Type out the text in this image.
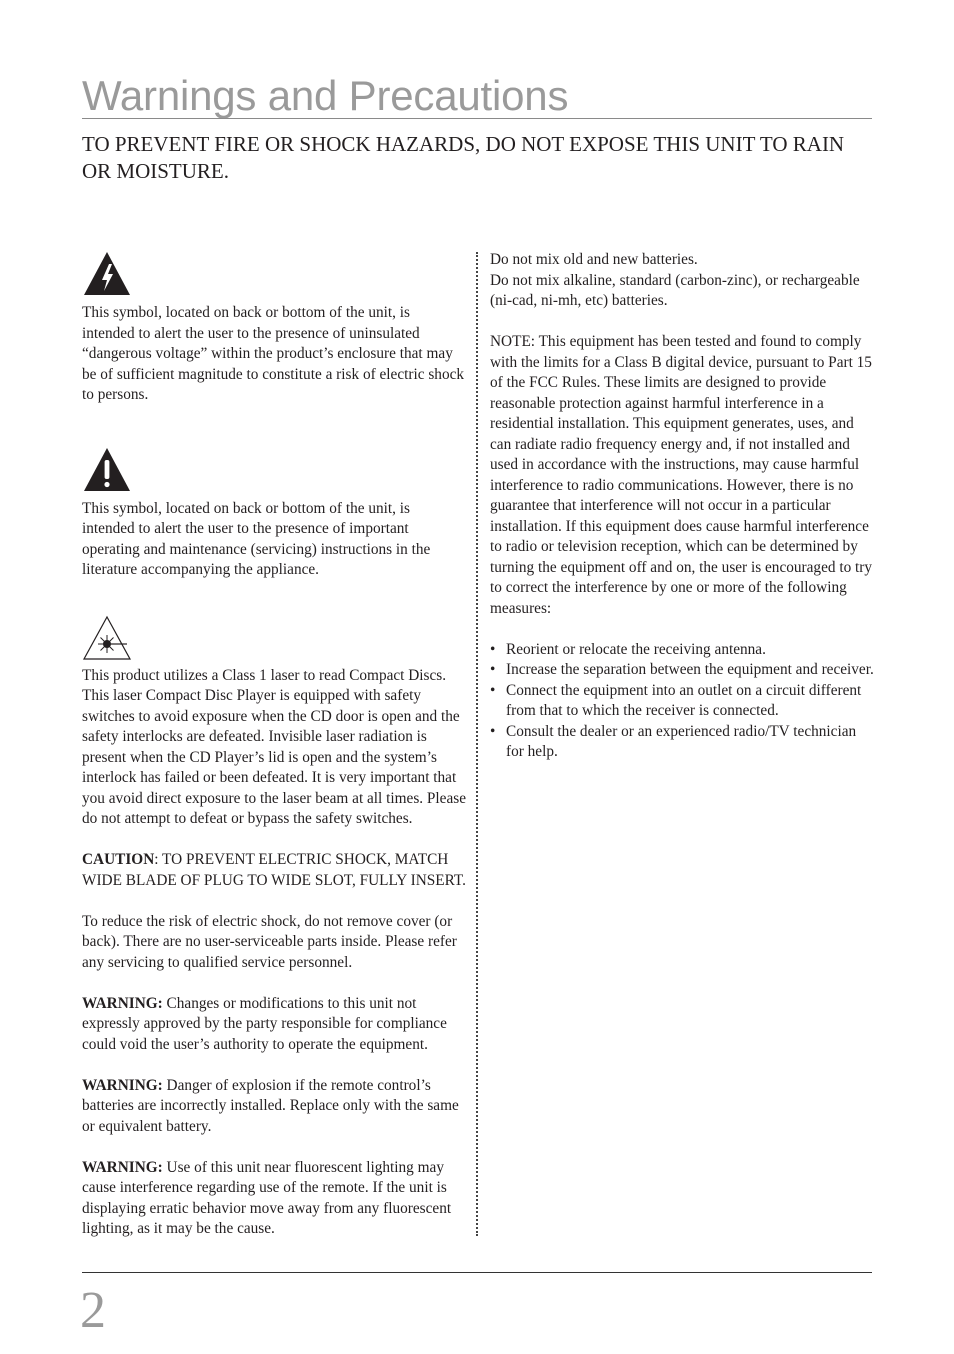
Warnings and Precautions
TO PREVENT FIRE OR SHOCK HAZARDS, DO NOT EXPOSE THIS UNIT TO RAIN OR MOISTURE.

This symbol, located on back or bottom of the unit, is intended to alert the user to the presence of uninsulated “dangerous voltage” within the product’s enclosure that may be of sufficient magnitude to constitute a risk of electric shock to persons.

This symbol, located on back or bottom of the unit, is intended to alert the user to the presence of important operating and maintenance (servicing) instructions in the literature accompanying the appliance.

This product utilizes a Class 1 laser to read Compact Discs. This laser Compact Disc Player is equipped with safety switches to avoid exposure when the CD door is open and the safety interlocks are defeated. Invisible laser radiation is present when the CD Player’s lid is open and the system’s interlock has failed or been defeated. It is very important that you avoid direct exposure to the laser beam at all times. Please do not attempt to defeat or bypass the safety switches.

CAUTION: TO PREVENT ELECTRIC SHOCK, MATCH WIDE BLADE OF PLUG TO WIDE SLOT, FULLY INSERT.

To reduce the risk of electric shock, do not remove cover (or back). There are no user-serviceable parts inside. Please refer any servicing to qualified service personnel.

WARNING: Changes or modifications to this unit not expressly approved by the party responsible for compliance could void the user’s authority to operate the equipment.

WARNING: Danger of explosion if the remote control’s batteries are incorrectly installed. Replace only with the same or equivalent battery.

WARNING: Use of this unit near fluorescent lighting may cause interference regarding use of the remote. If the unit is displaying erratic behavior move away from any fluorescent lighting, as it may be the cause.

Do not mix old and new batteries.

Do not mix alkaline, standard (carbon-zinc), or rechargeable (ni-cad, ni-mh, etc) batteries.

NOTE: This equipment has been tested and found to comply with the limits for a Class B digital device, pursuant to Part 15 of the FCC Rules. These limits are designed to provide reasonable protection against harmful interference in a residential installation. This equipment generates, uses, and can radiate radio frequency energy and, if not installed and used in accordance with the instructions, may cause harmful interference to radio communications. However, there is no guarantee that interference will not occur in a particular installation. If this equipment does cause harmful interference to radio or television reception, which can be determined by turning the equipment off and on, the user is encouraged to try to correct the interference by one or more of the following measures:

• Reorient or relocate the receiving antenna.
• Increase the separation between the equipment and receiver.
• Connect the equipment into an outlet on a circuit different from that to which the receiver is connected.
• Consult the dealer or an experienced radio/TV technician for help.
2
